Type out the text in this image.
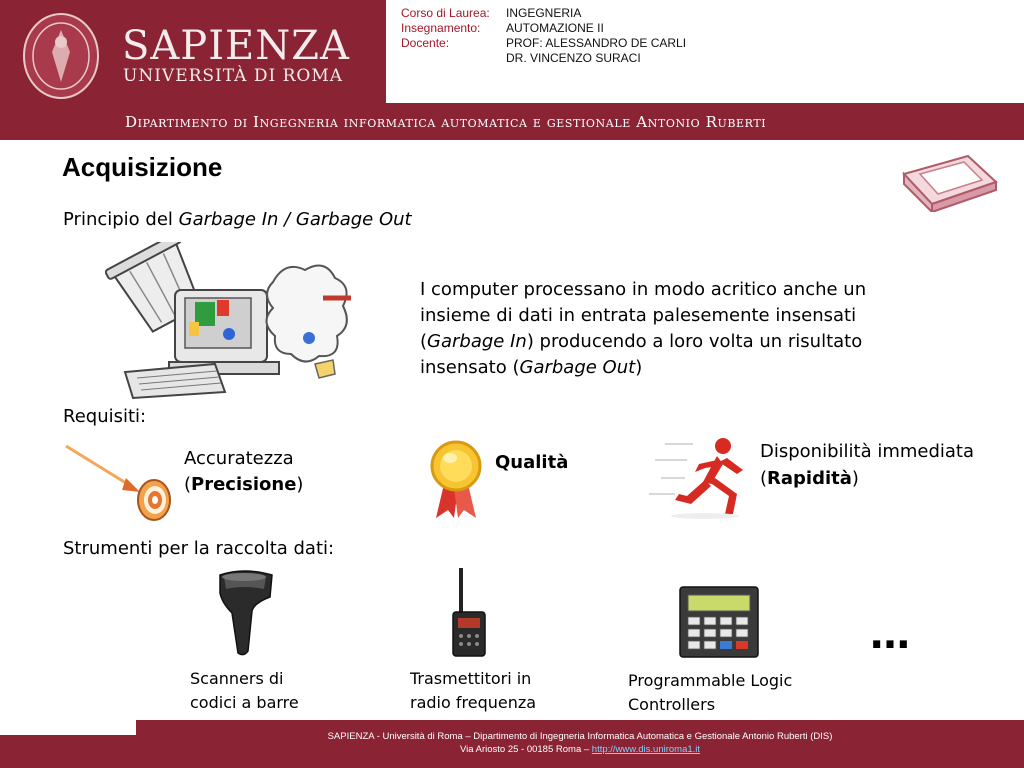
SAPIENZA
UNIVERSITÀ DI ROMA
Corso di Laurea: INGEGNERIA
Insegnamento: AUTOMAZIONE II
Docente:	PROF: ALESSANDRO DE CARLI
DR. VINCENZO SURACI
Dipartimento di Ingegneria informatica automatica e gestionale Antonio Ruberti
Acquisizione
Principio del Garbage In / Garbage Out
I computer processano in modo acritico anche un insieme di dati in entrata palesemente insensati (Garbage In) producendo a loro volta un risultato insensato (Garbage Out)
Requisiti:
Accuratezza
(Precisione)
Qualità
Disponibilità immediata
(Rapidità)
Strumenti per la raccolta dati:
Scanners di
codici a barre
Trasmettitori in
radio frequenza
Programmable Logic
Controllers
…
SAPIENZA - Università di Roma – Dipartimento di Ingegneria Informatica Automatica e Gestionale Antonio Ruberti (DIS)
Via Ariosto 25 - 00185 Roma – http://www.dis.uniroma1.it
